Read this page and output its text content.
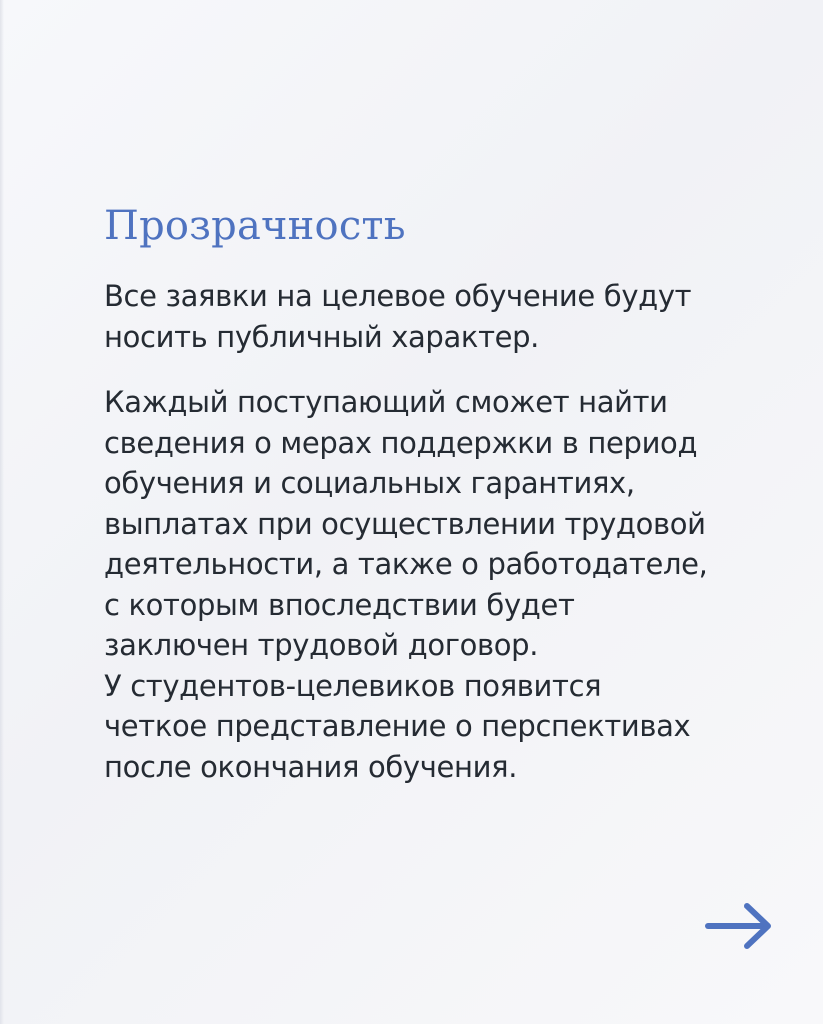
Прозрачность

Все заявки на целевое обучение будут
носить публичный характер.

Каждый поступающий сможет найти
сведения о мерах поддержки в период
обучения и социальных гарантиях,
выплатах при осуществлении трудовой
деятельности, а также о работодателе,
с которым впоследствии будет
заключен трудовой договор.
У студентов-целевиков появится
четкое представление о перспективах
после окончания обучения.
